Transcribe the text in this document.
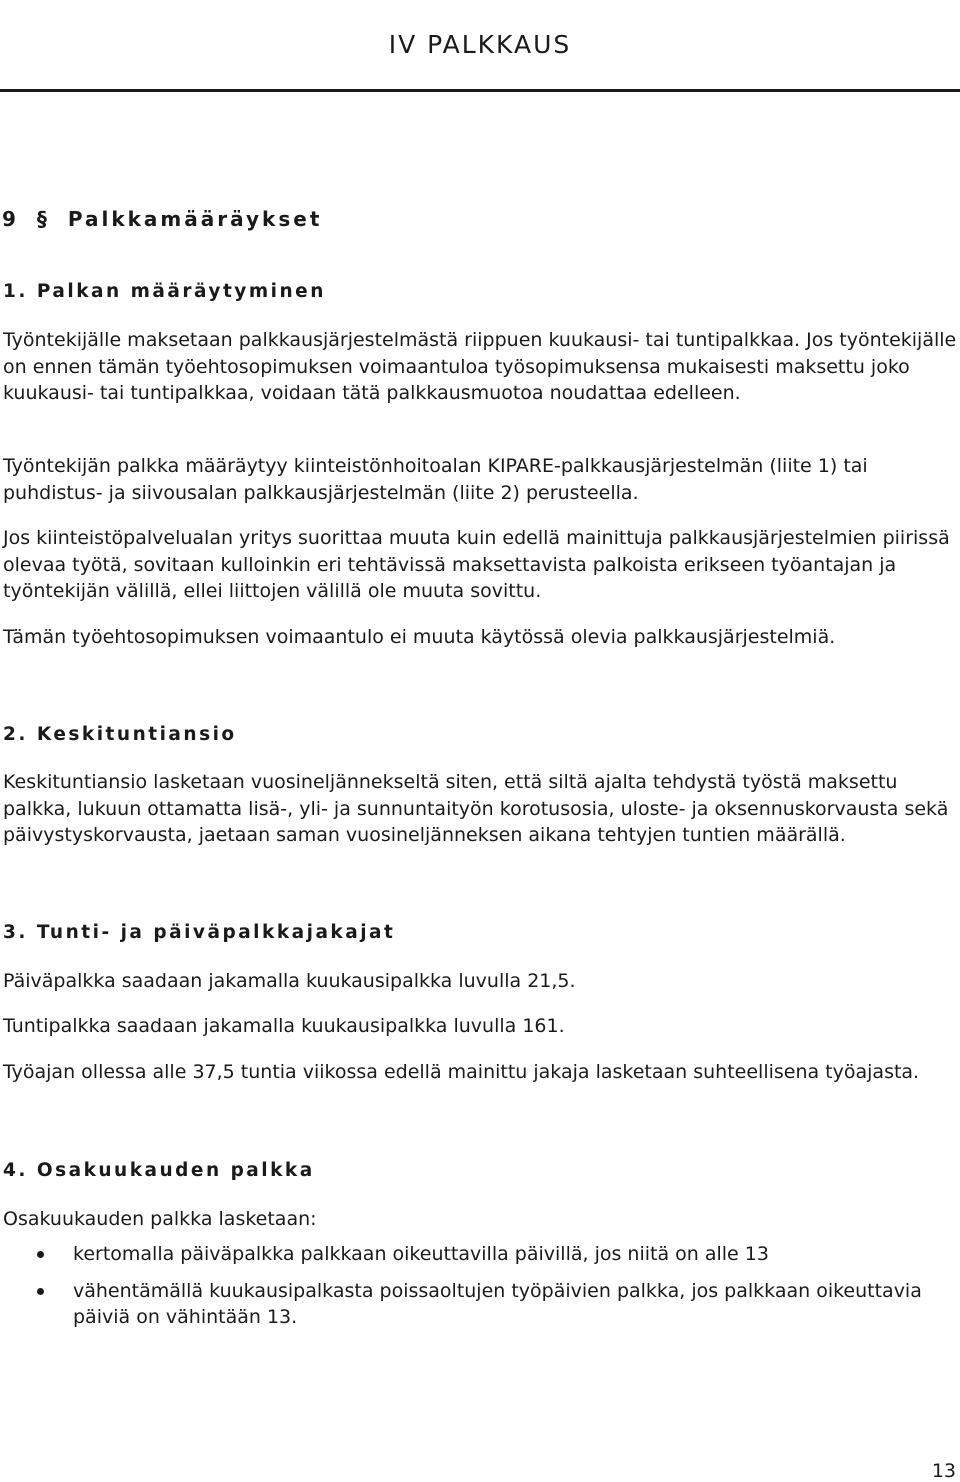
IV PALKKAUS
9 § Palkkamääräykset
1. Palkan määräytyminen

Työntekijälle maksetaan palkkausjärjestelmästä riippuen kuukausi- tai tuntipalkkaa. Jos työntekijälle on ennen tämän työehtosopimuksen voimaantuloa työsopimuksensa mukaisesti maksettu joko kuukausi- tai tuntipalkkaa, voidaan tätä palkkausmuotoa noudattaa edelleen.

Työntekijän palkka määräytyy kiinteistönhoitoalan KIPARE-palkkausjärjestelmän (liite 1) tai puhdistus- ja siivousalan palkkausjärjestelmän (liite 2) perusteella.

Jos kiinteistöpalvelualan yritys suorittaa muuta kuin edellä mainittuja palkkausjärjestelmien piirissä olevaa työtä, sovitaan kulloinkin eri tehtävissä maksettavista palkoista erikseen työantajan ja työntekijän välillä, ellei liittojen välillä ole muuta sovittu.

Tämän työehtosopimuksen voimaantulo ei muuta käytössä olevia palkkausjärjestelmiä.

2. Keskituntiansio

Keskituntiansio lasketaan vuosineljännekseltä siten, että siltä ajalta tehdystä työstä maksettu palkka, lukuun ottamatta lisä-, yli- ja sunnuntaityön korotusosia, uloste- ja oksennuskorvausta sekä päivystyskorvausta, jaetaan saman vuosineljänneksen aikana tehtyjen tuntien määrällä.

3. Tunti- ja päiväpalkkajakajat

Päiväpalkka saadaan jakamalla kuukausipalkka luvulla 21,5.

Tuntipalkka saadaan jakamalla kuukausipalkka luvulla 161.

Työajan ollessa alle 37,5 tuntia viikossa edellä mainittu jakaja lasketaan suhteellisena työajasta.

4. Osakuukauden palkka

Osakuukauden palkka lasketaan:

kertomalla päiväpalkka palkkaan oikeuttavilla päivillä, jos niitä on alle 13
vähentämällä kuukausipalkasta poissaoltujen työpäivien palkka, jos palkkaan oikeuttavia päiviä on vähintään 13.
13
